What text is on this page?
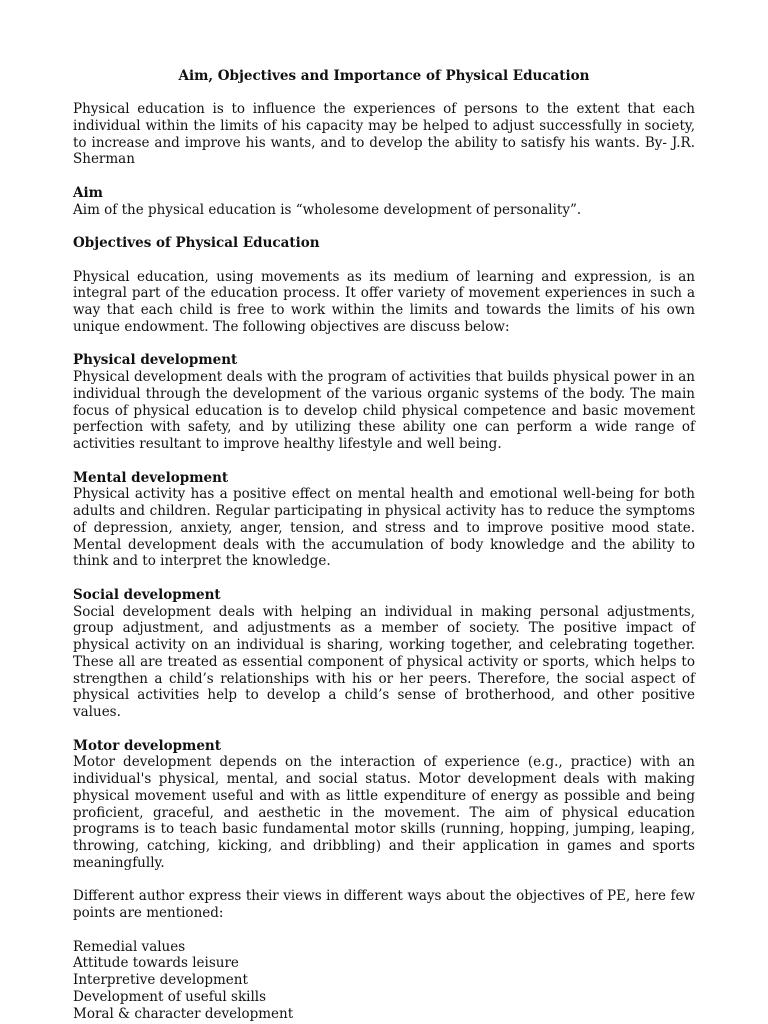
Aim, Objectives and Importance of Physical Education

Physical education is to influence the experiences of persons to the extent that each individual within the limits of his capacity may be helped to adjust successfully in society, to increase and improve his wants, and to develop the ability to satisfy his wants. By- J.R. Sherman

Aim

Aim of the physical education is “wholesome development of personality”.

Objectives of Physical Education

Physical education, using movements as its medium of learning and expression, is an integral part of the education process. It offer variety of movement experiences in such a way that each child is free to work within the limits and towards the limits of his own unique endowment. The following objectives are discuss below:

Physical development

Physical development deals with the program of activities that builds physical power in an individual through the development of the various organic systems of the body. The main focus of physical education is to develop child physical competence and basic movement perfection with safety, and by utilizing these ability one can perform a wide range of activities resultant to improve healthy lifestyle and well being.

Mental development

Physical activity has a positive effect on mental health and emotional well-being for both adults and children. Regular participating in physical activity has to reduce the symptoms of depression, anxiety, anger, tension, and stress and to improve positive mood state. Mental development deals with the accumulation of body knowledge and the ability to think and to interpret the knowledge.

Social development

Social development deals with helping an individual in making personal adjustments, group adjustment, and adjustments as a member of society. The positive impact of physical activity on an individual is sharing, working together, and celebrating together. These all are treated as essential component of physical activity or sports, which helps to strengthen a child’s relationships with his or her peers. Therefore, the social aspect of physical activities help to develop a child’s sense of brotherhood, and other positive values.

Motor development

Motor development depends on the interaction of experience (e.g., practice) with an individual's physical, mental, and social status. Motor development deals with making physical movement useful and with as little expenditure of energy as possible and being proficient, graceful, and aesthetic in the movement. The aim of physical education programs is to teach basic fundamental motor skills (running, hopping, jumping, leaping, throwing, catching, kicking, and dribbling) and their application in games and sports meaningfully.

Different author express their views in different ways about the objectives of PE, here few points are mentioned:

Remedial values
Attitude towards leisure
Interpretive development
Development of useful skills
Moral & character development
